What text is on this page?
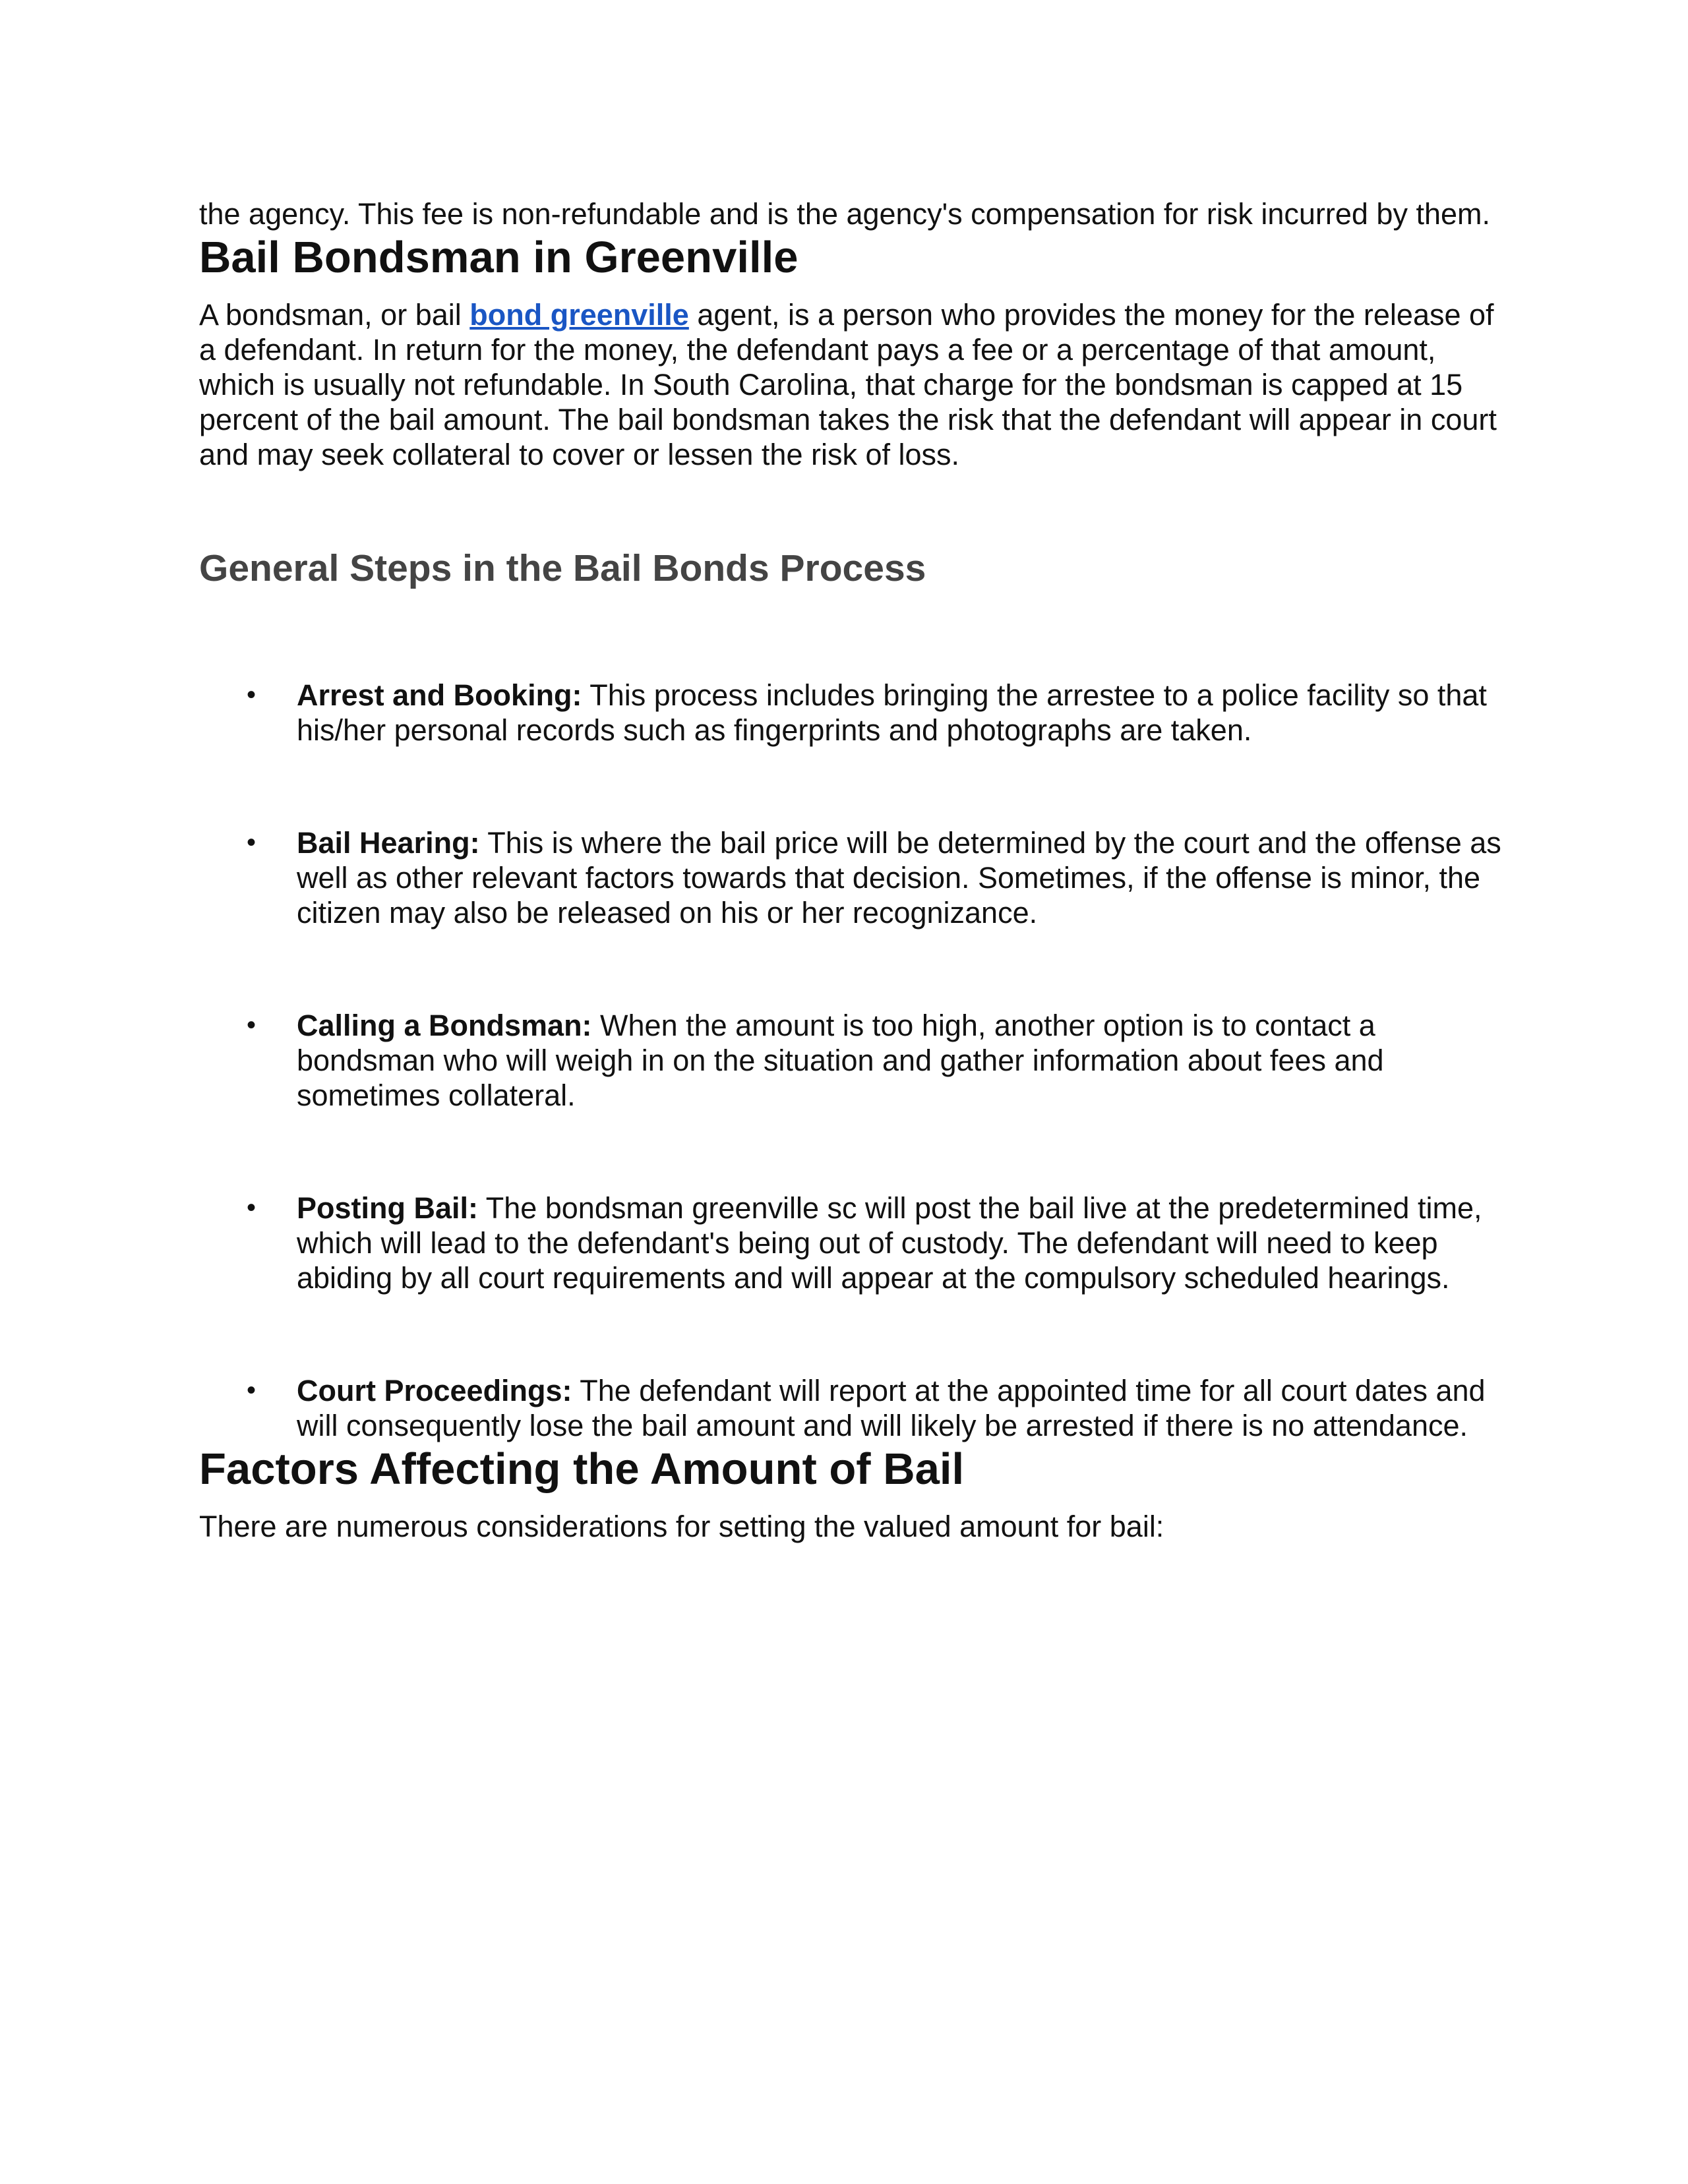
the agency. This fee is non-refundable and is the agency's compensation for risk incurred by them.

Bail Bondsman in Greenville

A bondsman, or bail bond greenville agent, is a person who provides the money for the release of a defendant. In return for the money, the defendant pays a fee or a percentage of that amount, which is usually not refundable. In South Carolina, that charge for the bondsman is capped at 15 percent of the bail amount. The bail bondsman takes the risk that the defendant will appear in court and may seek collateral to cover or lessen the risk of loss.

General Steps in the Bail Bonds Process
• Arrest and Booking: This process includes bringing the arrestee to a police facility so that his/her personal records such as fingerprints and photographs are taken.
• Bail Hearing: This is where the bail price will be determined by the court and the offense as well as other relevant factors towards that decision. Sometimes, if the offense is minor, the citizen may also be released on his or her recognizance.
• Calling a Bondsman: When the amount is too high, another option is to contact a bondsman who will weigh in on the situation and gather information about fees and sometimes collateral.
• Posting Bail: The bondsman greenville sc will post the bail live at the predetermined time, which will lead to the defendant's being out of custody. The defendant will need to keep abiding by all court requirements and will appear at the compulsory scheduled hearings.
• Court Proceedings: The defendant will report at the appointed time for all court dates and will consequently lose the bail amount and will likely be arrested if there is no attendance.
Factors Affecting the Amount of Bail

There are numerous considerations for setting the valued amount for bail:
